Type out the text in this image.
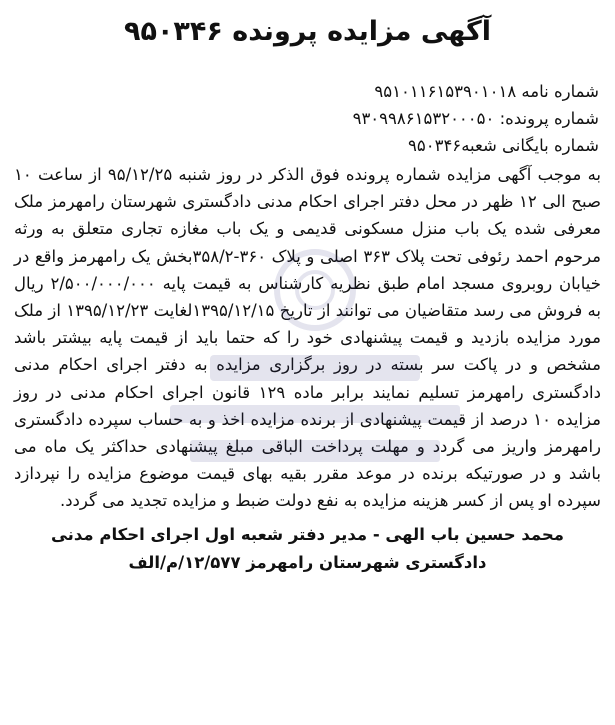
آگهی مزایده پرونده ۹۵۰۳۴۶
شماره نامه ۹۵۱۰۱۱۶۱۵۳۹۰۱۰۱۸
شماره پرونده: ۹۳۰۹۹۸۶۱۵۳۲۰۰۰۵۰
شماره بایگانی شعبه۹۵۰۳۴۶
به موجب آگهی مزایده شماره پرونده فوق الذکر در روز شنبه ۹۵/۱۲/۲۵ از ساعت ۱۰ صبح الی ۱۲ ظهر در محل دفتر اجرای احکام مدنی دادگستری شهرستان رامهرمز ملک معرفی شده یک باب منزل مسکونی قدیمی و یک باب مغازه تجاری متعلق به ورثه مرحوم احمد رئوفی تحت پلاک ۳۶۳ اصلی و پلاک ۳۶۰-۳۵۸/۲بخش یک رامهرمز واقع در خیابان روبروی مسجد امام طبق نظریه کارشناس به قیمت پایه ۲/۵۰۰/۰۰۰/۰۰۰ ریال به فروش می رسد متقاضیان می توانند از تاریخ ۱۳۹۵/۱۲/۱۵لغایت ۱۳۹۵/۱۲/۲۳ از ملک مورد مزایده بازدید و قیمت پیشنهادی خود را که حتما باید از قیمت پایه بیشتر باشد مشخص و در پاکت سر بسته در روز برگزاری مزایده به دفتر اجرای احکام مدنی دادگستری رامهرمز تسلیم نمایند برابر ماده ۱۲۹ قانون اجرای احکام مدنی در روز مزایده ۱۰ درصد از قیمت پیشنهادی از برنده مزایده اخذ و به حساب سپرده دادگستری رامهرمز واریز می گردد و مهلت پرداخت الباقی مبلغ پیشنهادی حداکثر یک ماه می باشد و در صورتیکه برنده در موعد مقرر بقیه بهای قیمت موضوع مزایده را نپردازد سپرده او پس از کسر هزینه مزایده به نفع دولت ضبط و مزایده تجدید می گردد.
محمد حسین باب الهی - مدیر دفتر شعبه اول اجرای احکام مدنی
دادگستری شهرستان رامهرمز ۱۲/۵۷۷/م/الف
